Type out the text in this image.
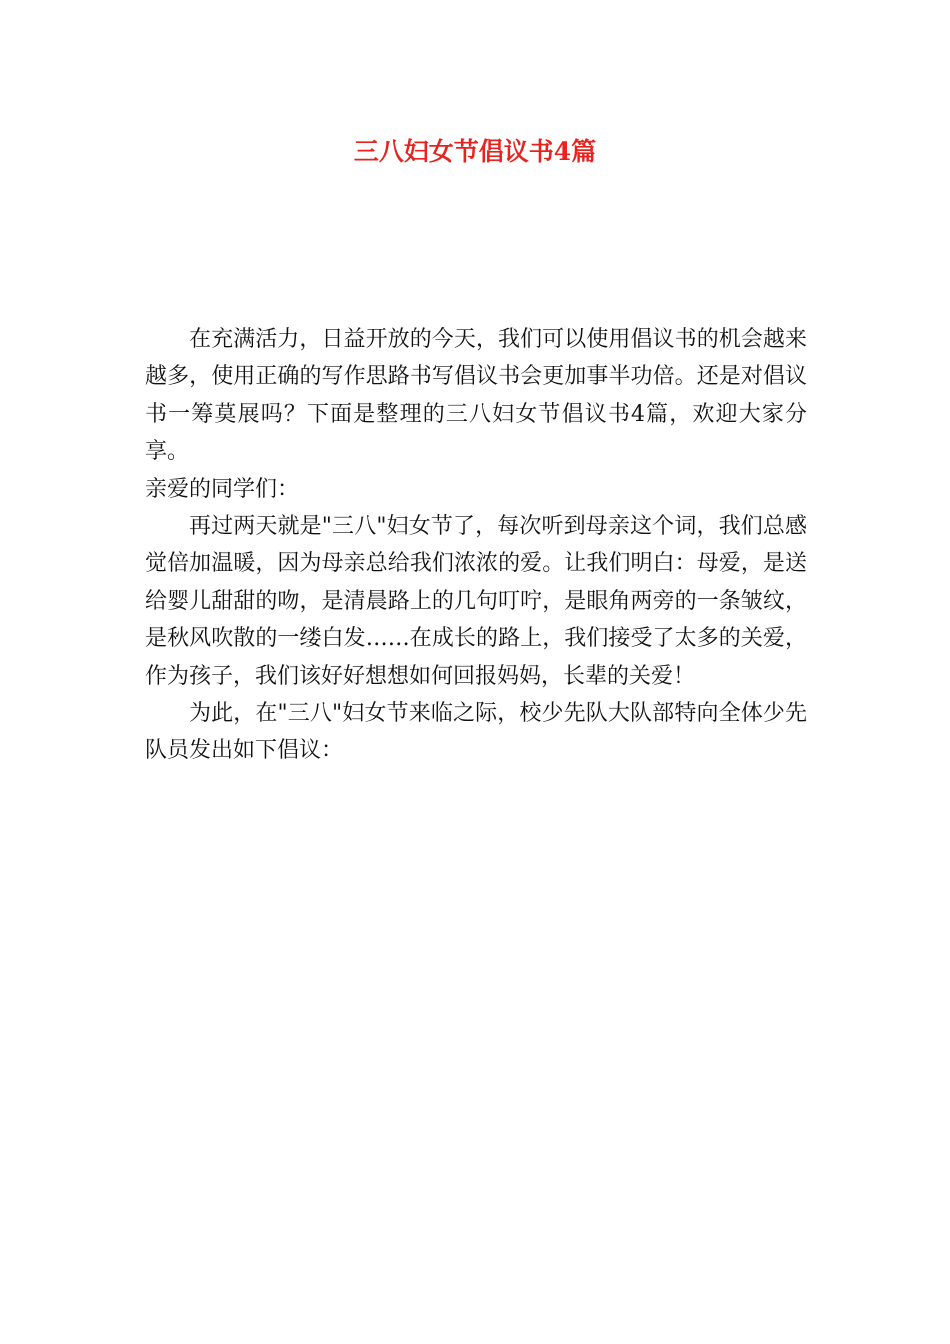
三八妇女节倡议书4篇

在充满活力，日益开放的今天，我们可以使用倡议书的机会越来越多，使用正确的写作思路书写倡议书会更加事半功倍。还是对倡议书一筹莫展吗？下面是整理的三八妇女节倡议书4篇，欢迎大家分享。

亲爱的同学们：

再过两天就是"三八"妇女节了，每次听到母亲这个词，我们总感觉倍加温暖，因为母亲总给我们浓浓的爱。让我们明白：母爱，是送给婴儿甜甜的吻，是清晨路上的几句叮咛，是眼角两旁的一条皱纹，是秋风吹散的一缕白发……在成长的路上，我们接受了太多的关爱，作为孩子，我们该好好想想如何回报妈妈，长辈的关爱！

为此，在"三八"妇女节来临之际，校少先队大队部特向全体少先队员发出如下倡议：
